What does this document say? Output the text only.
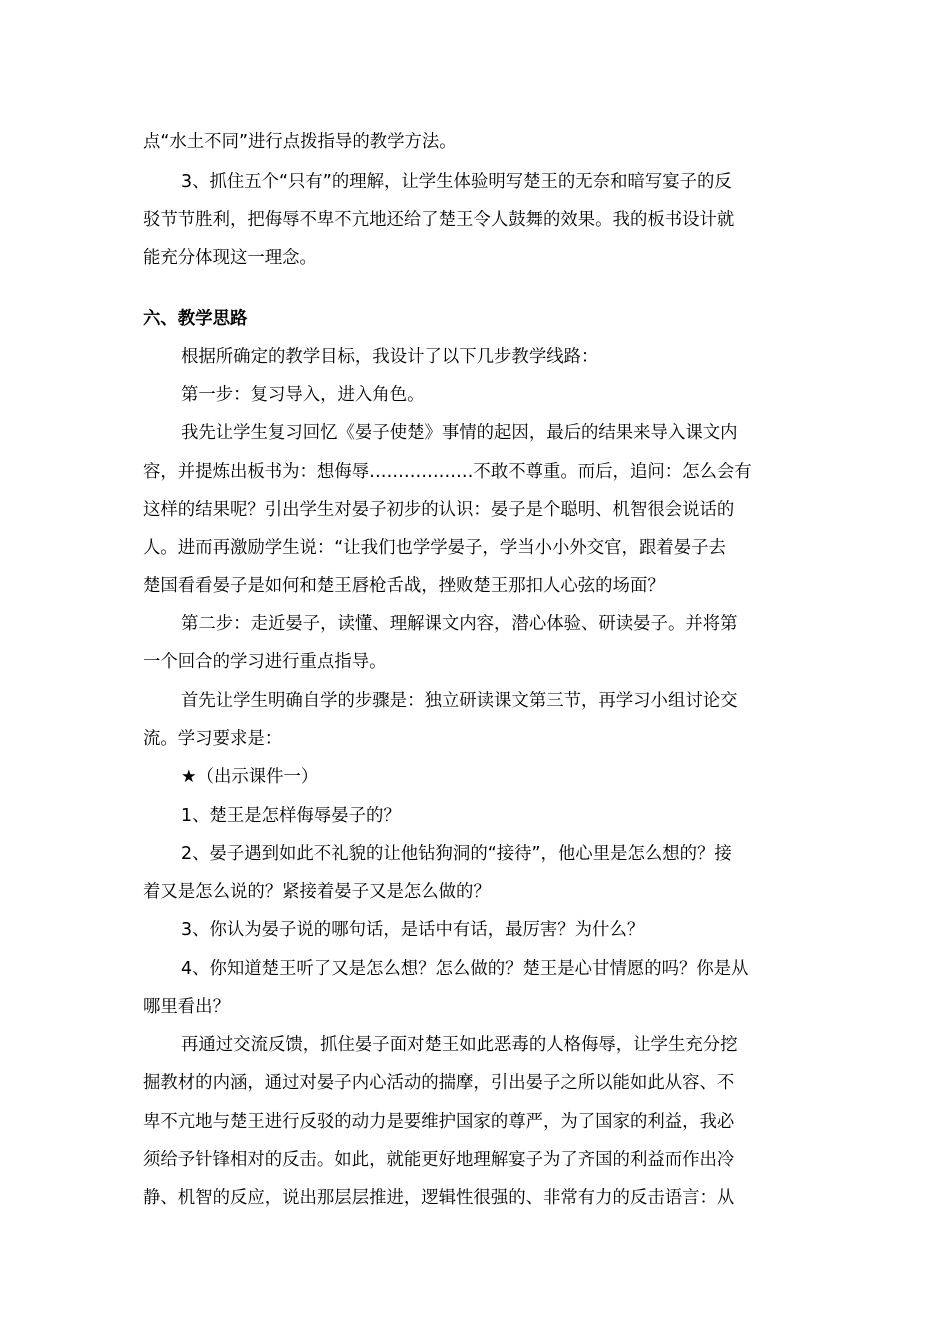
点“水土不同”进行点拨指导的教学方法。
3、抓住五个“只有”的理解，让学生体验明写楚王的无奈和暗写宴子的反
驳节节胜利，把侮辱不卑不亢地还给了楚王令人鼓舞的效果。我的板书设计就
能充分体现这一理念。
六、教学思路
根据所确定的教学目标，我设计了以下几步教学线路：
第一步：复习导入，进入角色。
我先让学生复习回忆《晏子使楚》事情的起因，最后的结果来导入课文内
容，并提炼出板书为：想侮辱………………不敢不尊重。而后，追问：怎么会有
这样的结果呢？引出学生对晏子初步的认识：晏子是个聪明、机智很会说话的
人。进而再激励学生说：“让我们也学学晏子，学当小小外交官，跟着晏子去
楚国看看晏子是如何和楚王唇枪舌战，挫败楚王那扣人心弦的场面？
第二步：走近晏子，读懂、理解课文内容，潜心体验、研读晏子。并将第
一个回合的学习进行重点指导。
首先让学生明确自学的步骤是：独立研读课文第三节，再学习小组讨论交
流。学习要求是：
★（出示课件一）
1、楚王是怎样侮辱晏子的？
2、晏子遇到如此不礼貌的让他钻狗洞的“接待”，他心里是怎么想的？接
着又是怎么说的？紧接着晏子又是怎么做的？
3、你认为晏子说的哪句话，是话中有话，最厉害？为什么？
4、你知道楚王听了又是怎么想？怎么做的？楚王是心甘情愿的吗？你是从
哪里看出？
再通过交流反馈，抓住晏子面对楚王如此恶毒的人格侮辱，让学生充分挖
掘教材的内涵，通过对晏子内心活动的揣摩，引出晏子之所以能如此从容、不
卑不亢地与楚王进行反驳的动力是要维护国家的尊严，为了国家的利益，我必
须给予针锋相对的反击。如此，就能更好地理解宴子为了齐国的利益而作出冷
静、机智的反应，说出那层层推进，逻辑性很强的、非常有力的反击语言：从
